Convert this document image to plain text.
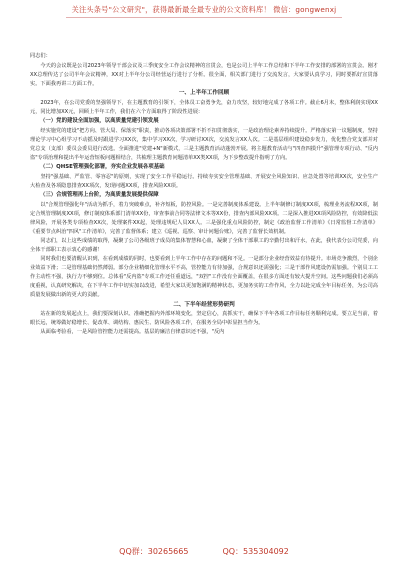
关注头条号"公文研究"，获得最新最全最专业的公文资料库！ 微信：gongwenxj

同志们：

今天的会议既是公司2023年领导干部会议及三季度安全工作会议精神的宣贯会，也是公司上半年工作总结和下半年工作安排的部署的宣贯会。刚才XX总理传达了公司半年会议精神，XX对上半年分公司经营运行进行了分析。很全面，相关部门进行了交流发言，大家要认真学习，同时要抓好宣贯落实。下面我再讲三方面工作。

一、上半年工作回顾

2023年，在公司党委的坚强领导下，在主题教育的引领下，全体员工奋勇争先，奋力攻坚，较好地完成了各项工作。截止6月末，整体利润实现XX元，同比增加XX元，回顾上半年工作，我们在六个方面取得了阶段性进展：

（一）党的建设全面加强，以高质量党建引领发展

经实施党的建设"把方向、管大局、保落实"职责，推动各项决策部署不折不扣贯彻落实，一是政治理论素养持续提升。严格落实第一议题制度，坚持理论学习中心组学习不动摇及时跟进学习XX次，集中学习XX次，学习研讨XX次，交流发言XX人次。二是基层组织建设稳步发力，优化整合党支部并对党总支（支部）委员会委员进行改选。全面推进"党建+N"新模式，三是主题教育活动蓬勃开展。将主题教育活动与"四查四摸升"强管理专项行动、"反内盗"专项治理和提出半年运营短板问题相结合，共梳理主题教育问题清单XX类XX项，为下步整改提升指明了方向。

（二）QHSE管理强化部署，夯实企业发展各项基础

坚持"强基础、严监管、零容忍"的原则，实现了安全工作平稳运行。持续夯实安全管理基础、开展安全风险知识、应急处置等培训XX次，安全生产大检查及各项隐患排查XX项次，发现问题XX项，排查风险XX项。

（三）合规管理再上台阶，为高质量发展提供保障

以"合规管理强化年"活动为抓手，着力突破难点，补齐短板，防控风险。一是完善制度体系建设。上半年制修订制度XX项，梳理业务流程XX项，制定合规管理制度XX项，修订制度体系部门清单XX份，审查事前合同等法律文本等XX份，排查内部风险XX项。二是深入推进XX项风险防控，有效降低法律风险，开展各类专项检查XX次，处理案件XX起，处理违规纪人员XX人。三是强化重点风险防控，制定《政治监督工作清单》《日常监督工作清单》《重要节点纠治"四风"工作清单》，完善了监督体系；建立《巡视、巡察、审计问题台账》，完善了监督长效机制。

同志们，以上这些成绩的取得，凝聚了公司各级班子成员的集体智慧和心血，凝聚了全体干部职工的辛勤付出和汗水，在此，我代表分公司党委，向全体干部职工表示衷心的感谢！

同时我们也要清醒认识到，在看到成绩的同时，也要看到上半年工作中存在的问题和不足。一是部分企业经营效益有待提升。市场竞争激烈，个别企业效益下滑；二是管理基础仍然薄弱。部分企业精细化管理水平不高，管控能力有待加强，合规意识还需强化；三是干部作风建设仍需加强。个别员工工作主动性不强，执行力不够到位。总体看"反内盗"专项工作还任重道远，"双控"工作没有全面覆盖，在很多方面还有较大提升空间。这些问题我们必须高度重视，认真研究解决，在下半年工作中切实加以改进，希望大家以更加饱满的精神状态，更加务实的工作作风，全力以赴完成全年目标任务，为公司高质量发展做出新的更大的贡献。

二、下半年经营形势研判

站在新的发展起点上，我们要深刻认识、准确把握内外部环境变化，坚定信心，真抓实干，确保下半年各项工作目标任务顺利完成。要立足当前，着眼长远，统筹做好稳增长、促改革、调结构、惠民生、防风险各项工作，在服务全局中彰显担当作为。

从面临考验看，一是风险管控能力还需提高。基层的廉洁自律意识还不强，"反内

QQ群：30265665	QQ：535304092
